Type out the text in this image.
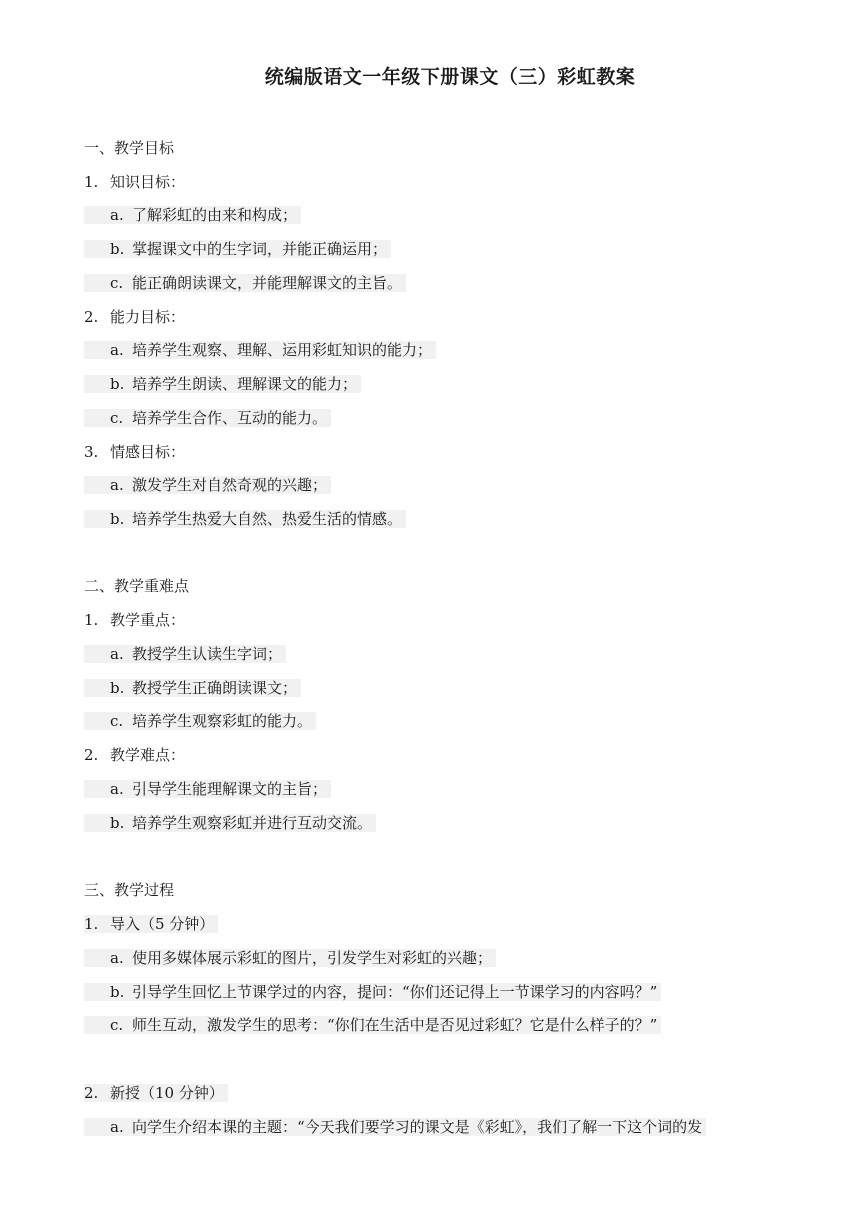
统编版语文一年级下册课文（三）彩虹教案
一、教学目标
1. 知识目标：
a. 了解彩虹的由来和构成；
b. 掌握课文中的生字词，并能正确运用；
c. 能正确朗读课文，并能理解课文的主旨。
2. 能力目标：
a. 培养学生观察、理解、运用彩虹知识的能力；
b. 培养学生朗读、理解课文的能力；
c. 培养学生合作、互动的能力。
3. 情感目标：
a. 激发学生对自然奇观的兴趣；
b. 培养学生热爱大自然、热爱生活的情感。
二、教学重难点
1. 教学重点：
a. 教授学生认读生字词；
b. 教授学生正确朗读课文；
c. 培养学生观察彩虹的能力。
2. 教学难点：
a. 引导学生能理解课文的主旨；
b. 培养学生观察彩虹并进行互动交流。
三、教学过程
1. 导入（5 分钟）
a. 使用多媒体展示彩虹的图片，引发学生对彩虹的兴趣；
b. 引导学生回忆上节课学过的内容，提问：“你们还记得上一节课学习的内容吗？”
c. 师生互动，激发学生的思考：“你们在生活中是否见过彩虹？它是什么样子的？”
2. 新授（10 分钟）
a. 向学生介绍本课的主题：“今天我们要学习的课文是《彩虹》，我们了解一下这个词的发
